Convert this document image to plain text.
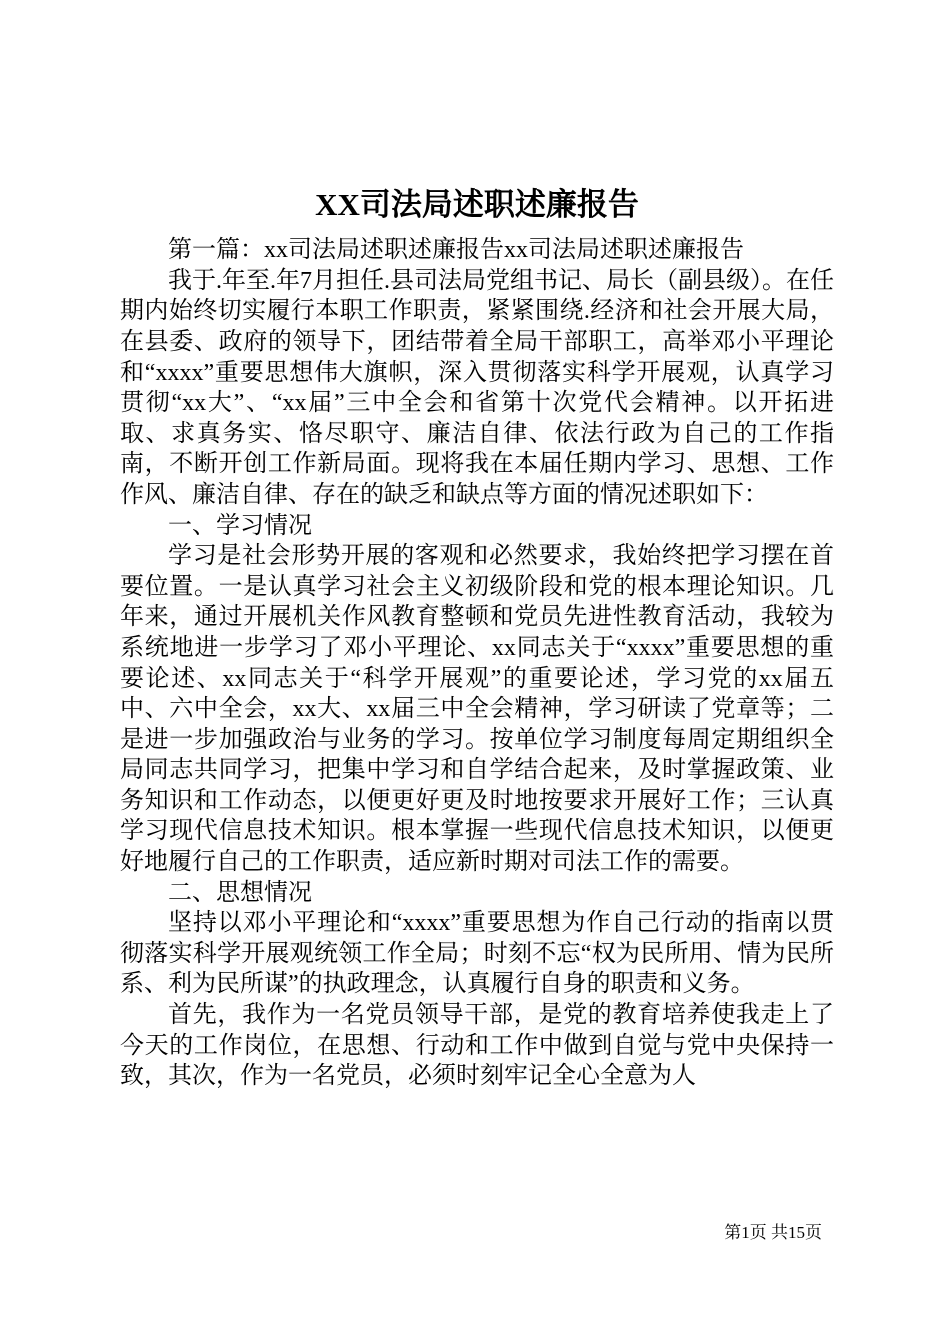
XX司法局述职述廉报告

第一篇：xx司法局述职述廉报告xx司法局述职述廉报告

我于.年至.年7月担任.县司法局党组书记、局长（副县级）。在任期内始终切实履行本职工作职责，紧紧围绕.经济和社会开展大局，在县委、政府的领导下，团结带着全局干部职工，高举邓小平理论和“xxxx”重要思想伟大旗帜，深入贯彻落实科学开展观，认真学习贯彻“xx大”、“xx届”三中全会和省第十次党代会精神。以开拓进取、求真务实、恪尽职守、廉洁自律、依法行政为自己的工作指南，不断开创工作新局面。现将我在本届任期内学习、思想、工作作风、廉洁自律、存在的缺乏和缺点等方面的情况述职如下：

一、学习情况

学习是社会形势开展的客观和必然要求，我始终把学习摆在首要位置。一是认真学习社会主义初级阶段和党的根本理论知识。几年来，通过开展机关作风教育整顿和党员先进性教育活动，我较为系统地进一步学习了邓小平理论、xx同志关于“xxxx”重要思想的重要论述、xx同志关于“科学开展观”的重要论述，学习党的xx届五中、六中全会，xx大、xx届三中全会精神，学习研读了党章等；二是进一步加强政治与业务的学习。按单位学习制度每周定期组织全局同志共同学习，把集中学习和自学结合起来，及时掌握政策、业务知识和工作动态，以便更好更及时地按要求开展好工作；三认真学习现代信息技术知识。根本掌握一些现代信息技术知识，以便更好地履行自己的工作职责，适应新时期对司法工作的需要。

二、思想情况

坚持以邓小平理论和“xxxx”重要思想为作自己行动的指南以贯彻落实科学开展观统领工作全局；时刻不忘“权为民所用、情为民所系、利为民所谋”的执政理念，认真履行自身的职责和义务。

首先，我作为一名党员领导干部，是党的教育培养使我走上了今天的工作岗位，在思想、行动和工作中做到自觉与党中央保持一致，其次，作为一名党员，必须时刻牢记全心全意为人

第1页 共15页
